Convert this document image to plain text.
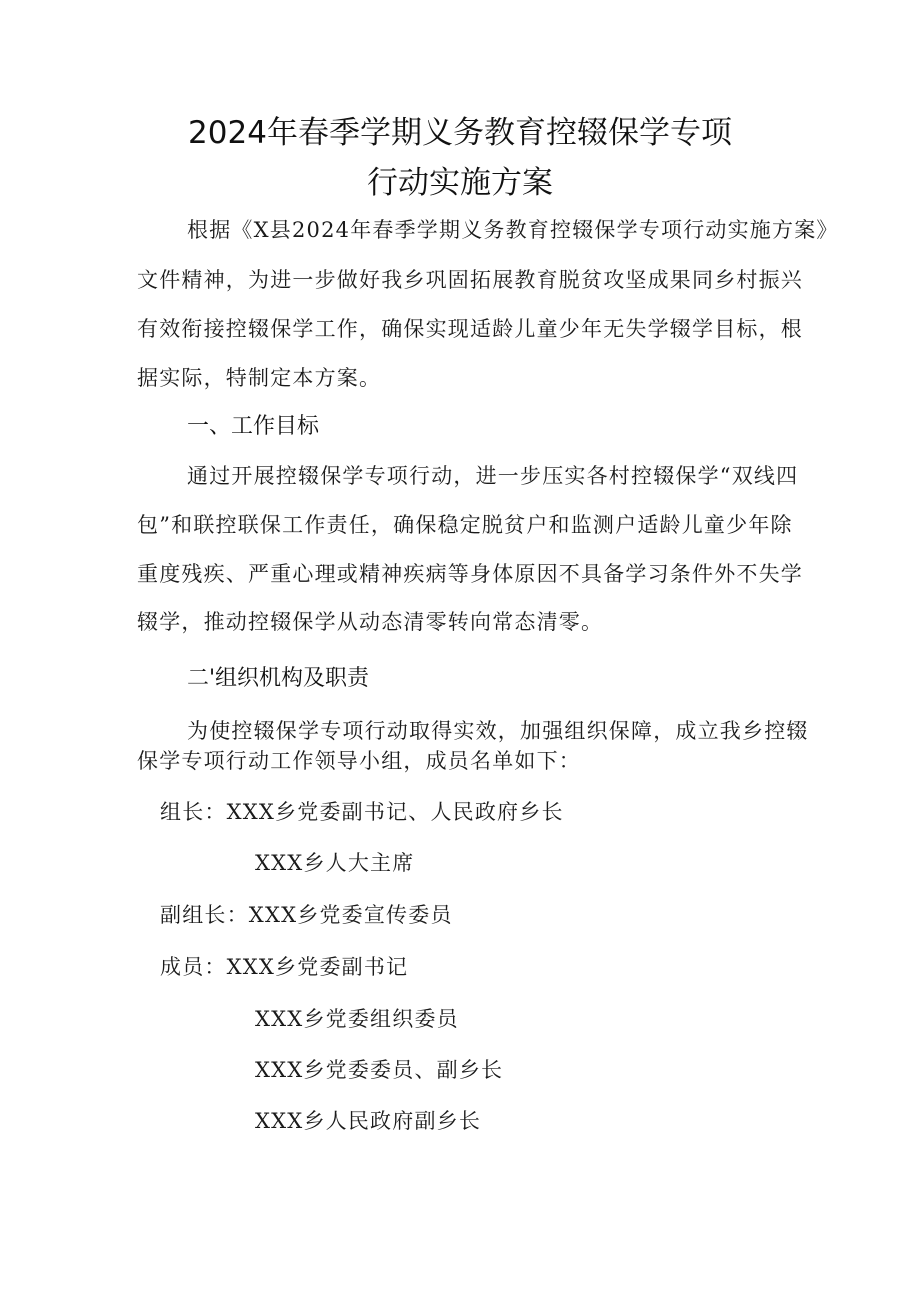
2024年春季学期义务教育控辍保学专项
行动实施方案
根据《X县2024年春季学期义务教育控辍保学专项行动实施方案》
文件精神，为进一步做好我乡巩固拓展教育脱贫攻坚成果同乡村振兴
有效衔接控辍保学工作，确保实现适龄儿童少年无失学辍学目标，根
据实际，特制定本方案。
一、工作目标
通过开展控辍保学专项行动，进一步压实各村控辍保学“双线四
包”和联控联保工作责任，确保稳定脱贫户和监测户适龄儿童少年除
重度残疾、严重心理或精神疾病等身体原因不具备学习条件外不失学
辍学，推动控辍保学从动态清零转向常态清零。
二'组织机构及职责
为使控辍保学专项行动取得实效，加强组织保障，成立我乡控辍
保学专项行动工作领导小组，成员名单如下：
组长：XXX乡党委副书记、人民政府乡长
XXX乡人大主席
副组长：XXX乡党委宣传委员
成员：XXX乡党委副书记
XXX乡党委组织委员
XXX乡党委委员、副乡长
XXX乡人民政府副乡长
